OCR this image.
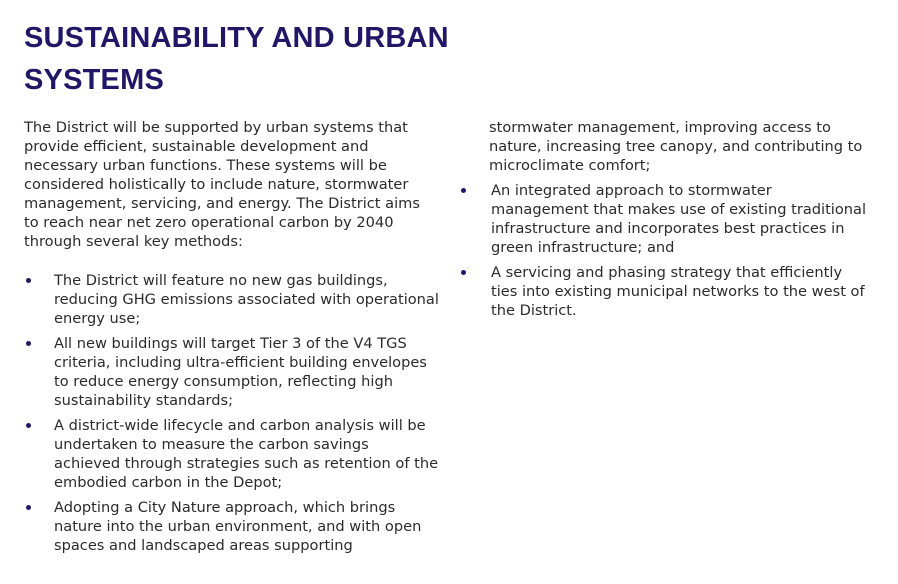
SUSTAINABILITY AND URBAN SYSTEMS

The District will be supported by urban systems that provide efficient, sustainable development and necessary urban functions. These systems will be considered holistically to include nature, stormwater management, servicing, and energy. The District aims to reach near net zero operational carbon by 2040 through several key methods:

The District will feature no new gas buildings, reducing GHG emissions associated with operational energy use;
All new buildings will target Tier 3 of the V4 TGS criteria, including ultra-efficient building envelopes to reduce energy consumption, reflecting high sustainability standards;
A district-wide lifecycle and carbon analysis will be undertaken to measure the carbon savings achieved through strategies such as retention of the embodied carbon in the Depot;
Adopting a City Nature approach, which brings nature into the urban environment, and with open spaces and landscaped areas supporting
stormwater management, improving access to nature, increasing tree canopy, and contributing to microclimate comfort;
An integrated approach to stormwater management that makes use of existing traditional infrastructure and incorporates best practices in green infrastructure; and
A servicing and phasing strategy that efficiently ties into existing municipal networks to the west of the District.
